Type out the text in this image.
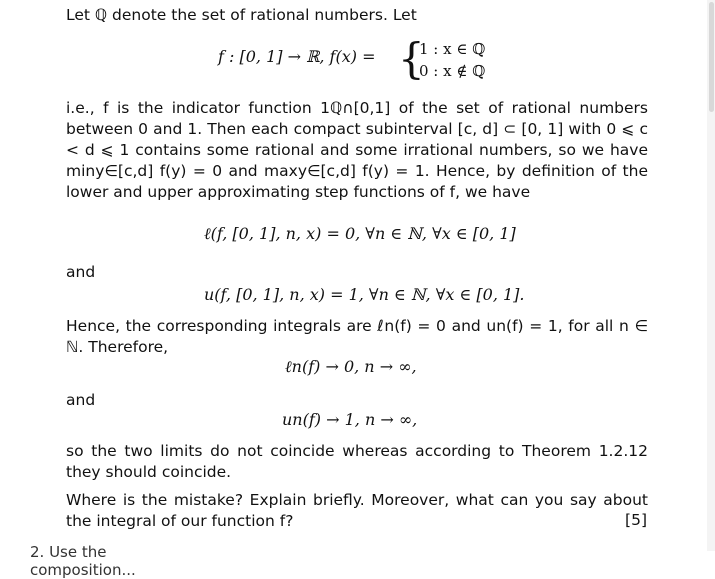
Let ℚ denote the set of rational numbers. Let
f : [0, 1] → ℝ, f(x) = {
1 : x ∈ ℚ
0 : x ∉ ℚ
i.e., f is the indicator function 1ℚ∩[0,1] of the set of rational numbers between 0 and 1. Then each compact subinterval [c, d] ⊂ [0, 1] with 0 ⩽ c < d ⩽ 1 contains some rational and some irrational numbers, so we have miny∈[c,d] f(y) = 0 and maxy∈[c,d] f(y) = 1. Hence, by definition of the lower and upper approximating step functions of f, we have
ℓ(f, [0, 1], n, x) = 0, ∀n ∈ ℕ, ∀x ∈ [0, 1]
and
u(f, [0, 1], n, x) = 1, ∀n ∈ ℕ, ∀x ∈ [0, 1].
Hence, the corresponding integrals are ℓn(f) = 0 and un(f) = 1, for all n ∈ ℕ. Therefore,
ℓn(f) → 0, n → ∞,
and
un(f) → 1, n → ∞,
so the two limits do not coincide whereas according to Theorem 1.2.12 they should coincide.
Where is the mistake? Explain briefly. Moreover, what can you say about the integral of our function f?	[5]
2. Use the composition...
